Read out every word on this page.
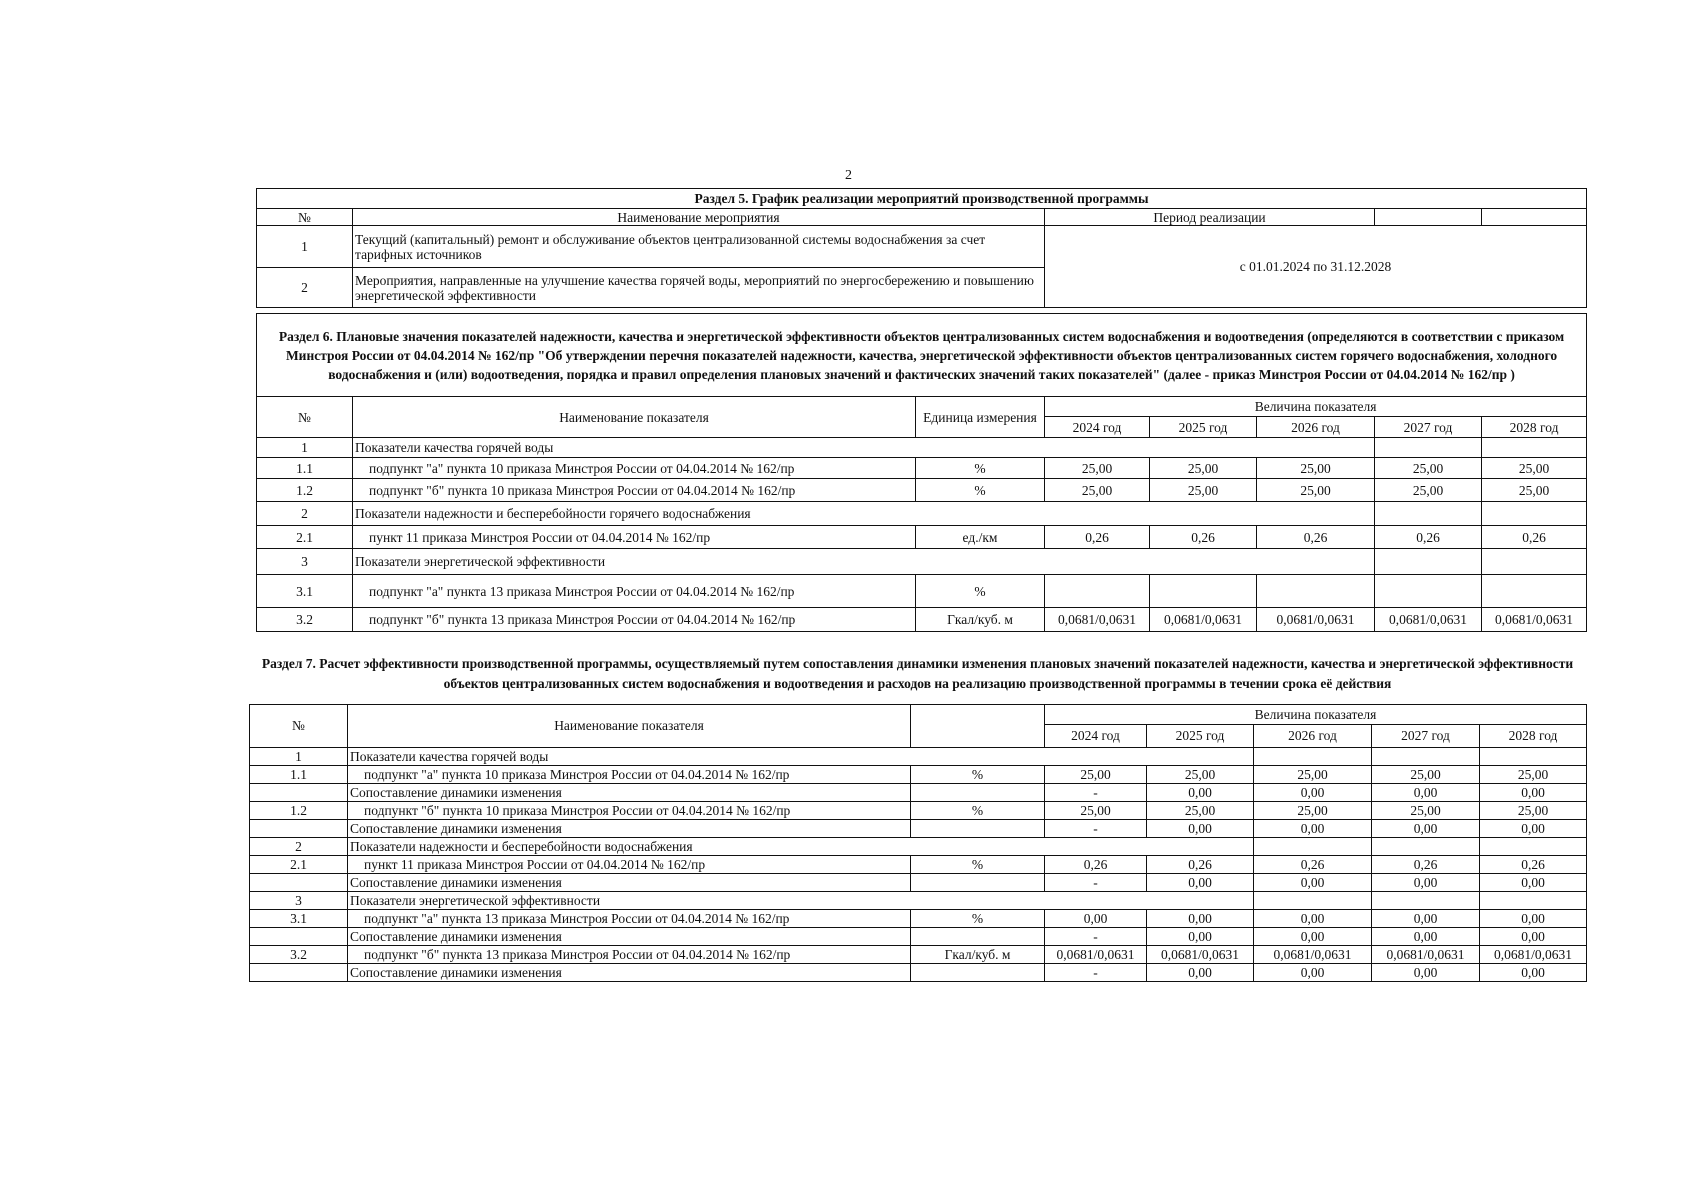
2
Раздел 5. График реализации мероприятий производственной программы				
№	Наименование мероприятия	Период реализации		
1	Текущий (капитальный) ремонт и обслуживание объектов централизованной системы водоснабжения за счет тарифных источников	с 01.01.2024 по 31.12.2028		
2	Мероприятия, направленные на улучшение качества горячей воды, мероприятий по энергосбережению и повышению энергетической эффективности			
Раздел 6. Плановые значения показателей надежности, качества и энергетической эффективности объектов централизованных систем водоснабжения и водоотведения (определяются в соответствии с приказом Минстроя России от 04.04.2014 № 162/пр "Об утверждении перечня показателей надежности, качества, энергетической эффективности объектов централизованных систем горячего водоснабжения, холодного водоснабжения и (или) водоотведения, порядка и правил определения плановых значений и фактических значений таких показателей" (далее - приказ Минстроя России от 04.04.2014 № 162/пр )							
№	Наименование показателя	Единица измерения	Величина показателя				
			2024 год	2025 год	2026 год	2027 год	2028 год
1	Показатели качества горячей воды						
1.1	подпункт "а" пункта 10 приказа Минстроя России от 04.04.2014 № 162/пр	%	25,00	25,00	25,00	25,00	25,00
1.2	подпункт "б" пункта 10 приказа Минстроя России от 04.04.2014 № 162/пр	%	25,00	25,00	25,00	25,00	25,00
2	Показатели надежности и бесперебойности горячего водоснабжения						
2.1	пункт 11 приказа Минстроя России от 04.04.2014 № 162/пр	ед./км	0,26	0,26	0,26	0,26	0,26
3	Показатели энергетической эффективности						
3.1	подпункт "а" пункта 13 приказа Минстроя России от 04.04.2014 № 162/пр	%					
3.2	подпункт "б" пункта 13 приказа Минстроя России от 04.04.2014 № 162/пр	Гкал/куб. м	0,0681/0,0631	0,0681/0,0631	0,0681/0,0631	0,0681/0,0631	0,0681/0,0631
Раздел 7. Расчет эффективности производственной программы, осуществляемый путем сопоставления динамики изменения плановых значений показателей надежности, качества и энергетической эффективности объектов централизованных систем водоснабжения и водоотведения и расходов на реализацию производственной программы в течении срока её действия
№	Наименование показателя		Величина показателя				
			2024 год	2025 год	2026 год	2027 год	2028 год
1	Показатели качества горячей воды						
1.1	подпункт "а" пункта 10 приказа Минстроя России от 04.04.2014 № 162/пр	%	25,00	25,00	25,00	25,00	25,00
	Сопоставление динамики изменения		-	0,00	0,00	0,00	0,00
1.2	подпункт "б" пункта 10 приказа Минстроя России от 04.04.2014 № 162/пр	%	25,00	25,00	25,00	25,00	25,00
	Сопоставление динамики изменения		-	0,00	0,00	0,00	0,00
2	Показатели надежности и бесперебойности водоснабжения						
2.1	пункт 11 приказа Минстроя России от 04.04.2014 № 162/пр	%	0,26	0,26	0,26	0,26	0,26
	Сопоставление динамики изменения		-	0,00	0,00	0,00	0,00
3	Показатели энергетической эффективности						
3.1	подпункт "а" пункта 13 приказа Минстроя России от 04.04.2014 № 162/пр	%	0,00	0,00	0,00	0,00	0,00
	Сопоставление динамики изменения		-	0,00	0,00	0,00	0,00
3.2	подпункт "б" пункта 13 приказа Минстроя России от 04.04.2014 № 162/пр	Гкал/куб. м	0,0681/0,0631	0,0681/0,0631	0,0681/0,0631	0,0681/0,0631	0,0681/0,0631
	Сопоставление динамики изменения		-	0,00	0,00	0,00	0,00
